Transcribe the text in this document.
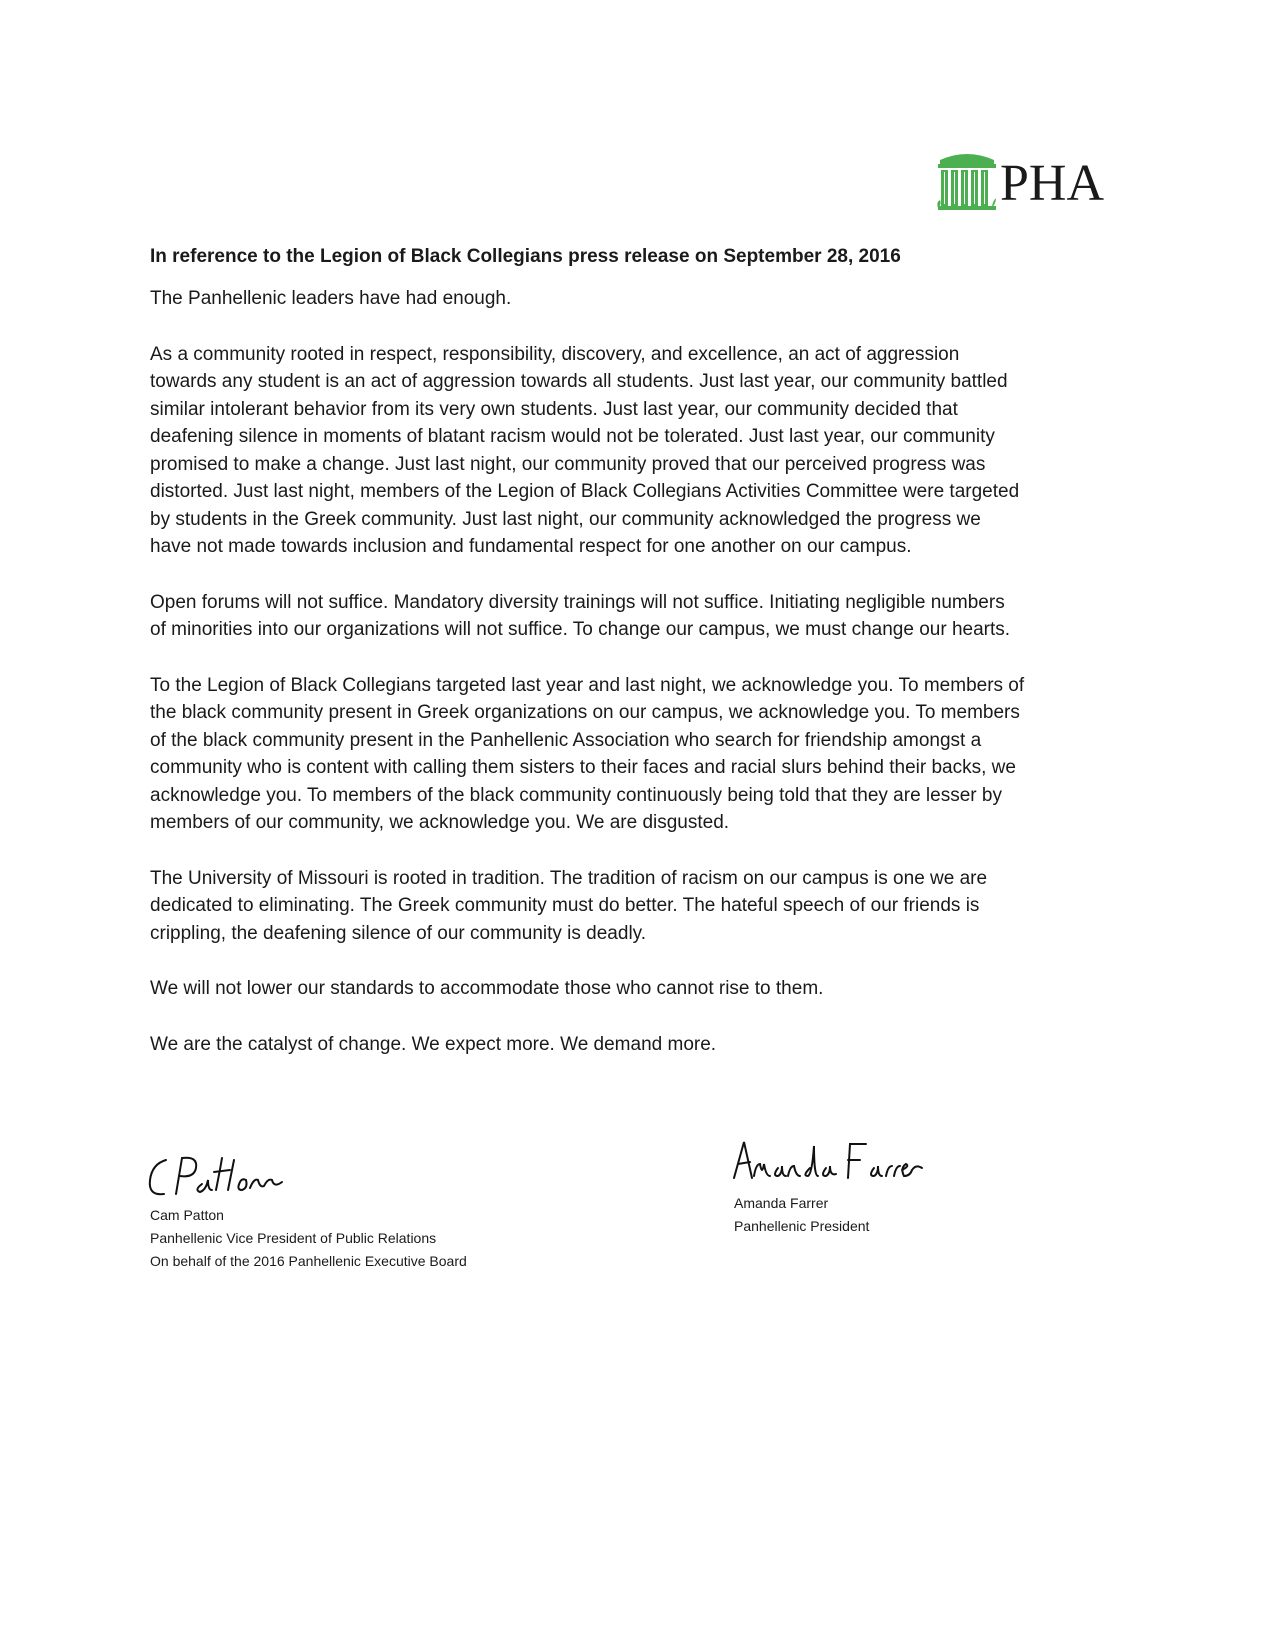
PHA
In reference to the Legion of Black Collegians press release on September 28, 2016

The Panhellenic leaders have had enough.

As a community rooted in respect, responsibility, discovery, and excellence, an act of aggression
towards any student is an act of aggression towards all students. Just last year, our community battled
similar intolerant behavior from its very own students. Just last year, our community decided that
deafening silence in moments of blatant racism would not be tolerated. Just last year, our community
promised to make a change. Just last night, our community proved that our perceived progress was
distorted. Just last night, members of the Legion of Black Collegians Activities Committee were targeted
by students in the Greek community. Just last night, our community acknowledged the progress we
have not made towards inclusion and fundamental respect for one another on our campus.

Open forums will not suffice. Mandatory diversity trainings will not suffice. Initiating negligible numbers
of minorities into our organizations will not suffice. To change our campus, we must change our hearts.

To the Legion of Black Collegians targeted last year and last night, we acknowledge you. To members of
the black community present in Greek organizations on our campus, we acknowledge you. To members
of the black community present in the Panhellenic Association who search for friendship amongst a
community who is content with calling them sisters to their faces and racial slurs behind their backs, we
acknowledge you. To members of the black community continuously being told that they are lesser by
members of our community, we acknowledge you. We are disgusted.

The University of Missouri is rooted in tradition. The tradition of racism on our campus is one we are
dedicated to eliminating. The Greek community must do better. The hateful speech of our friends is
crippling, the deafening silence of our community is deadly.

We will not lower our standards to accommodate those who cannot rise to them.

We are the catalyst of change. We expect more. We demand more.

Cam Patton
Panhellenic Vice President of Public Relations
On behalf of the 2016 Panhellenic Executive Board
Amanda Farrer
Panhellenic President
